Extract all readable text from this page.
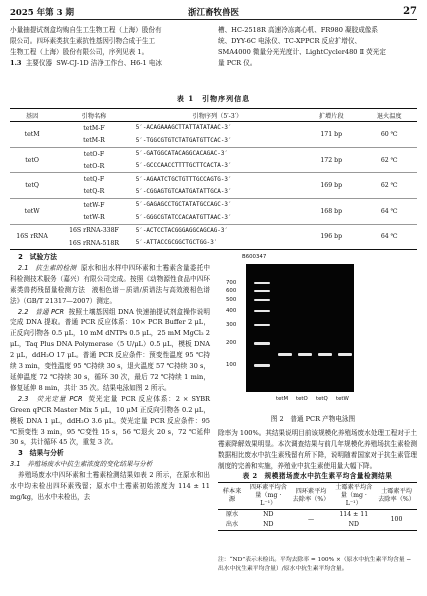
2025 年第 3 期	浙江畜牧兽医	27

小量抽提试剂盒均购自生工生物工程（上海）股份有

限公司。四环素类抗生素抗性基因引物合成于生工

生物工程（上海）股份有限公司，序列见表 1。

1.3 主要仪器 SW-CJ-1D 洁净工作台、H6-1 电冰

槽、HC-2518R 高速冷冻离心机、FR980 凝胶成像系

统、DYY-6C 电泳仪、TC-XPPCR 反应扩增仪、

SMA4000 微量分光光度计、LightCycler480 Ⅱ 荧光定

量 PCR 仪。

表 1　引物序列信息
基因	引物名称	引物序列（5′-3′）	扩增片段	退火温度
tetM	tetM-F	5′-ACAGAAAGCTTATTATATAAC-3′	171 bp	60 ℃
	tetM-R	5′-TGGCGTGTCTATGATGTTCAC-3′		
tetO	tetO-F	5′-GATGGCATACAGGCACAGAC-3′	172 bp	62 ℃
	tetO-R	5′-GCCCAACCTTTTGCTTCACTA-3′		
tetQ	tetQ-F	5′-AGAATCTGCTGTTTGCCAGTG-3′	169 bp	62 ℃
	tetQ-R	5′-CGGAGTGTCAATGATATTGCA-3′		
tetW	tetW-F	5′-GAGAGCCTGCTATATGCCAGC-3′	168 bp	64 ℃
	tetW-R	5′-GGGCGTATCCACAATGTTAAC-3′		
16S rRNA	16S rRNA-338F	5′-ACTCCTACGGGAGGCAGCAG-3′	196 bp	64 ℃
	16S rRNA-518R	5′-ATTACCGCGGCTGCTGG-3′		

2　试验方法

2.1　抗生素的检测 原水和出水样中四环素和土霉素含量委托中科检测技术服务（嘉兴）有限公司完成。按照《动物源性食品中四环素类兽药残留量检测方法　液相色谱－质谱/质谱法与高效液相色谱法》（GB/T 21317—2007）测定。

2.2　普通 PCR 按照土壤基因组 DNA 快速抽提试剂盒操作说明完成 DNA 提取。普通 PCR 反应体系：10× PCR Buffer 2 μL，正反向引物各 0.5 μL，10 mM dNTPs 0.5 μL，25 mM MgCl₂ 2 μL，Taq Plus DNA Polymerase（5 U/μL）0.5 μL，模板 DNA 2 μL，ddH₂O 17 μL。普通 PCR 反应条件：预变性温度 95 ℃持续 3 min，变性温度 95 ℃持续 30 s，退火温度 57 ℃持续 30 s，延伸温度 72 ℃持续 30 s，循环 30 次，最后 72 ℃持续 1 min，修复延伸 8 min，共计 35 次。结果电泳如图 2 所示。

2.3　荧光定量 PCR 荧光定量 PCR 反应体系：2 × SYBR Green qPCR Master Mix 5 μL，10 μM 正反向引物各 0.2 μL，模板 DNA 1 μL，ddH₂O 3.6 μL。荧光定量 PCR 反应条件：95 ℃预变性 3 min，95 ℃变性 15 s，56 ℃退火 20 s，72 ℃延伸 30 s，共计循环 45 次，重复 3 次。

3　结果与分析

3.1　养殖场废水中抗生素浓度的变化结果与分析

养殖场废水中四环素和土霉素检测结果如表 2 所示，在原水和出水中均未检出四环素残留；原水中土霉素初始浓度为 114 ± 11 mg/kg，出水中未检出，去

B600347
700
600
500
400
300
200
100
tetM tetO tetQ tetW
图 2　普通 PCR 产物电泳图

除率为 100%。其结果说明目前该规模化养殖场废水处理工程对于土霉素降解效果明显。本次调查结果与前几年规模化养殖场抗生素检测数据相比废水中抗生素残留有所下降，说明随着国家对于抗生素管理制度的完善和实施，养殖业中抗生素使用量大幅下降。

表 2　规模猪场废水中抗生素平均含量检测结果
样本来源	四环素平均含量（mg · L⁻¹）	四环素平均去除率（%）	土霉素平均含量（mg · L⁻¹）	土霉素平均去除率（%）
原水	ND	—	114 ± 11	100
出水	ND		ND	
注：“ND”表示未检出。平均去除率 = 100% ×（原水中抗生素平均含量 − 出水中抗生素平均含量）/原水中抗生素平均含量。
